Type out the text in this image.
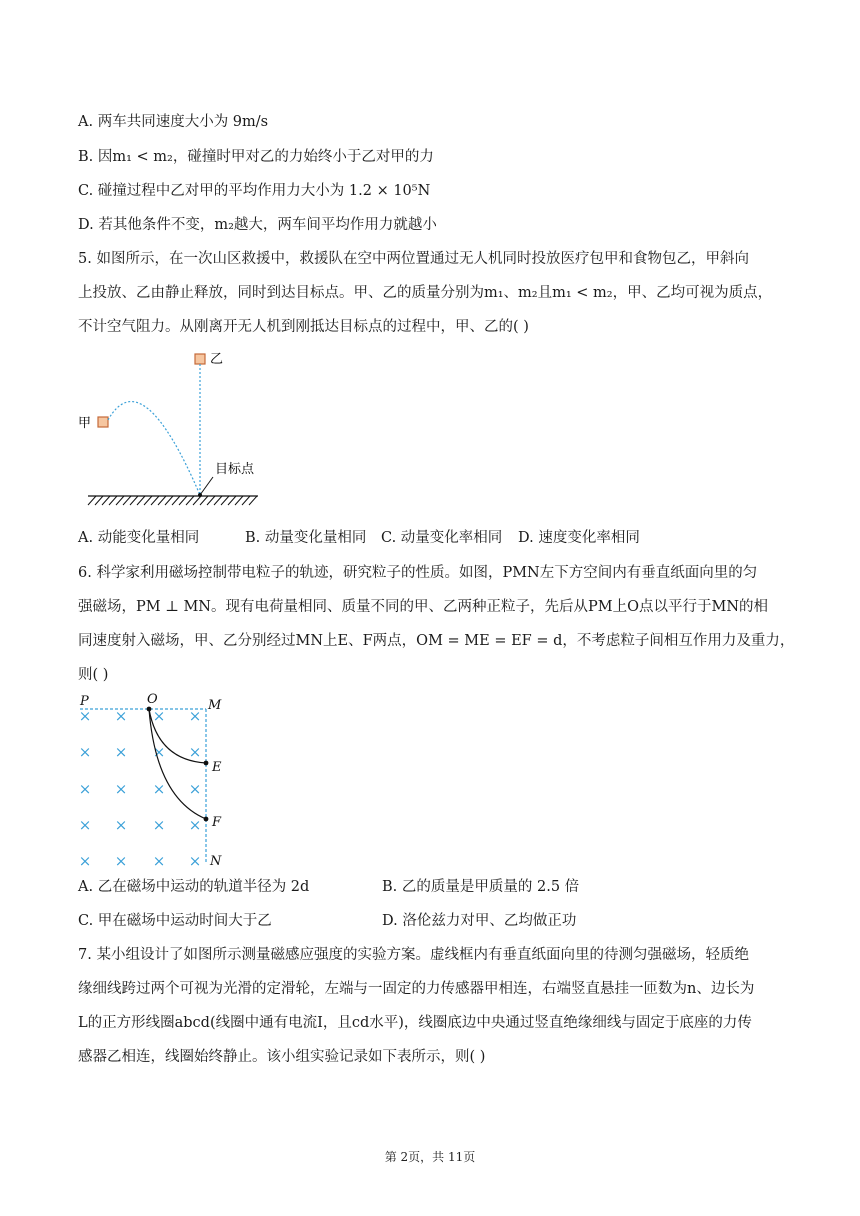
A. 两车共同速度大小为 9m/s
B. 因m₁ < m₂，碰撞时甲对乙的力始终小于乙对甲的力
C. 碰撞过程中乙对甲的平均作用力大小为 1.2 × 10⁵N
D. 若其他条件不变，m₂越大，两车间平均作用力就越小
5. 如图所示，在一次山区救援中，救援队在空中两位置通过无人机同时投放医疗包甲和食物包乙，甲斜向
上投放、乙由静止释放，同时到达目标点。甲、乙的质量分别为m₁、m₂且m₁ < m₂，甲、乙均可视为质点，
不计空气阻力。从刚离开无人机到刚抵达目标点的过程中，甲、乙的( )
乙
甲
目标点
A. 动能变化量相同	B. 动量变化量相同 C. 动量变化率相同 D. 速度变化率相同
6. 科学家利用磁场控制带电粒子的轨迹，研究粒子的性质。如图，PMN左下方空间内有垂直纸面向里的匀
强磁场，PM ⊥ MN。现有电荷量相同、质量不同的甲、乙两种正粒子，先后从PM上O点以平行于MN的相
同速度射入磁场，甲、乙分别经过MN上E、F两点，OM = ME = EF = d，不考虑粒子间相互作用力及重力，
则( )
× × × ×
× × × ×
× × × ×
× × × ×
× × × ×
P	O	M
E
F
N
A. 乙在磁场中运动的轨道半径为 2d	B. 乙的质量是甲质量的 2.5 倍
C. 甲在磁场中运动时间大于乙	D. 洛伦兹力对甲、乙均做正功
7. 某小组设计了如图所示测量磁感应强度的实验方案。虚线框内有垂直纸面向里的待测匀强磁场，轻质绝
缘细线跨过两个可视为光滑的定滑轮，左端与一固定的力传感器甲相连，右端竖直悬挂一匝数为n、边长为
L的正方形线圈abcd(线圈中通有电流I，且cd水平)，线圈底边中央通过竖直绝缘细线与固定于底座的力传
感器乙相连，线圈始终静止。该小组实验记录如下表所示，则( )
第 2页，共 11页
